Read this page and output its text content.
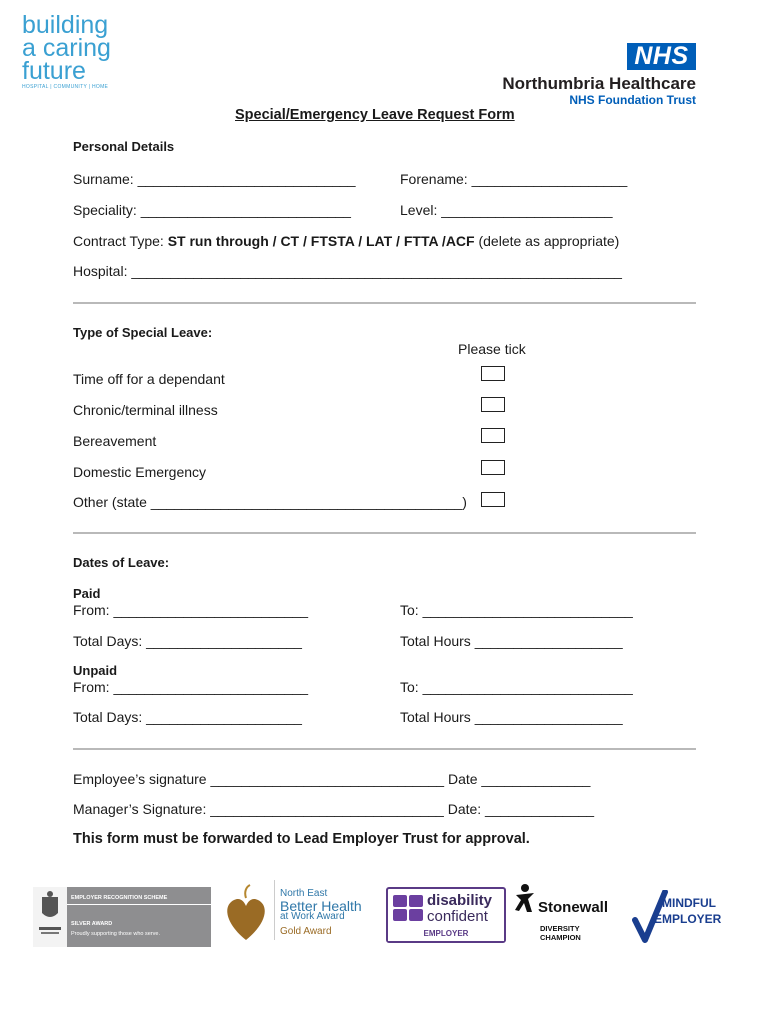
building
a caring
future
HOSPITAL | COMMUNITY | HOME
NHS
Northumbria Healthcare
NHS Foundation Trust
Special/Emergency Leave Request Form
Personal Details
Surname: ____________________________	Forename: ____________________
Speciality: ___________________________	Level: ______________________
Contract Type: ST run through / CT / FTSTA / LAT / FTTA /ACF (delete as appropriate)
Hospital: _______________________________________________________________
Type of Special Leave:
Please tick
Time off for a dependant
Chronic/terminal illness
Bereavement
Domestic Emergency
Other (state ________________________________________)
Dates of Leave:
Paid
From: _________________________	To: ___________________________
Total Days: ____________________	Total Hours ___________________
Unpaid
From: _________________________	To: ___________________________
Total Days: ____________________	Total Hours ___________________
Employee’s signature ______________________________ Date ______________
Manager’s Signature: ______________________________ Date: ______________
This form must be forwarded to Lead Employer Trust for approval.
EMPLOYER RECOGNITION SCHEME
SILVER AWARD
Proudly supporting those who serve.
North East
Better Health
at Work Award
Gold Award
disability
confident
EMPLOYER
Stonewall
DIVERSITY CHAMPION
MINDFUL
EMPLOYER
